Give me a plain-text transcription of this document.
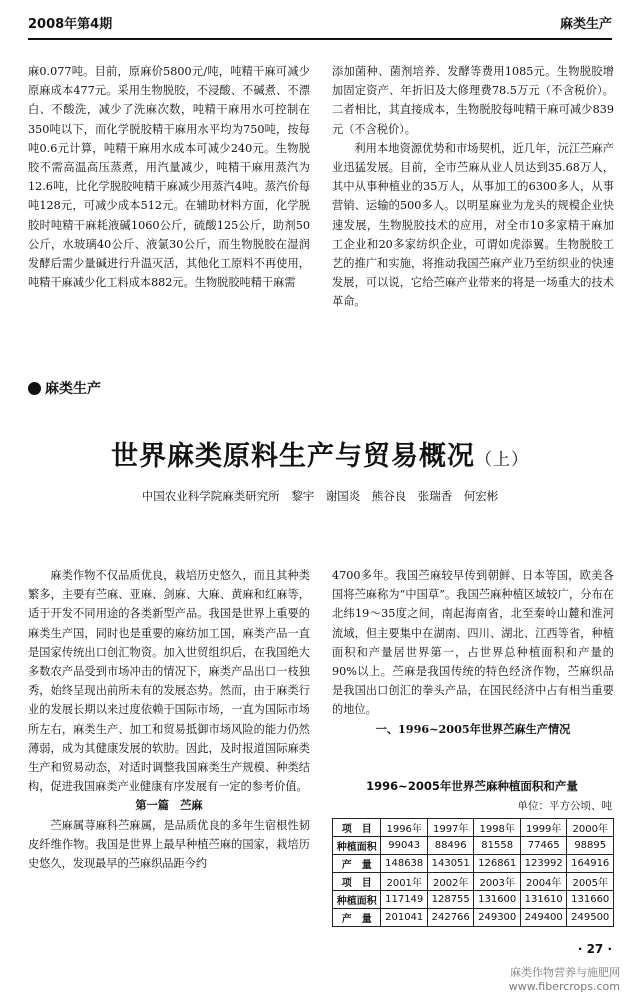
2008年第4期	麻类生产

麻0.077吨。目前，原麻价5800元/吨，吨精干麻可减少原麻成本477元。采用生物脱胶，不浸酸、不碱煮、不漂白、不酸洗，减少了洗麻次数，吨精干麻用水可控制在350吨以下，而化学脱胶精干麻用水平均为750吨，按每吨0.6元计算，吨精干麻用水成本可减少240元。生物脱胶不需高温高压蒸煮，用汽量减少，吨精干麻用蒸汽为12.6吨，比化学脱胶吨精干麻减少用蒸汽4吨。蒸汽价每吨128元，可减少成本512元。在辅助材料方面，化学脱胶时吨精干麻耗液碱1060公斤，硫酸125公斤，助剂50公斤，水玻璃40公斤、液氯30公斤，而生物脱胶在湿润发酵后需少量碱进行升温灭活，其他化工原料不再使用，吨精干麻减少化工料成本882元。生物脱胶吨精干麻需

添加菌种、菌剂培养、发酵等费用1085元。生物脱胶增加固定资产、年折旧及大修理费78.5万元（不含税价）。二者相比，其直接成本，生物脱胶每吨精干麻可减少839元（不含税价）。

利用本地资源优势和市场契机，近几年，沅江苎麻产业迅猛发展。目前，全市苎麻从业人员达到35.68万人，其中从事种植业的35万人，从事加工的6300多人，从事营销、运输的500多人。以明星麻业为龙头的规模企业快速发展，生物脱胶技术的应用，对全市10多家精干麻加工企业和20多家纺织企业，可谓如虎添翼。生物脱胶工艺的推广和实施，将推动我国苎麻产业乃至纺织业的快速发展，可以说，它给苎麻产业带来的将是一场重大的技术革命。

麻类生产
世界麻类原料生产与贸易概况（上）
中国农业科学院麻类研究所　黎宇　谢国炎　熊谷良　张瑞香　何宏彬

麻类作物不仅品质优良，栽培历史悠久，而且其种类繁多，主要有苎麻、亚麻、剑麻、大麻、黄麻和红麻等，适于开发不同用途的各类新型产品。我国是世界上重要的麻类生产国，同时也是重要的麻纺加工国，麻类产品一直是国家传统出口创汇物资。加入世贸组织后，在我国绝大多数农产品受到市场冲击的情况下，麻类产品出口一枝独秀，始终呈现出前所未有的发展态势。然而，由于麻类行业的发展长期以来过度依赖于国际市场，一直为国际市场所左右，麻类生产、加工和贸易抵御市场风险的能力仍然薄弱，成为其健康发展的软肋。因此，及时报道国际麻类生产和贸易动态，对适时调整我国麻类生产规模、种类结构，促进我国麻类产业健康有序发展有一定的参考价值。

第一篇　苎麻

苎麻属荨麻科苎麻属，是品质优良的多年生宿根性韧皮纤维作物。我国是世界上最早种植苎麻的国家，栽培历史悠久，发现最早的苎麻织品距今约

4700多年。我国苎麻较早传到朝鲜、日本等国，欧美各国将苎麻称为“中国草”。我国苎麻种植区域较广，分布在北纬19～35度之间，南起海南省，北至秦岭山麓和淮河流域，但主要集中在湖南、四川、湖北、江西等省，种植面积和产量居世界第一，占世界总种植面积和产量的90%以上。苎麻是我国传统的特色经济作物，苎麻织品是我国出口创汇的拳头产品，在国民经济中占有相当重要的地位。

一、1996~2005年世界苎麻生产情况

1996~2005年世界苎麻种植面积和产量
单位：平方公顷、吨
项　目	1996年	1997年	1998年	1999年	2000年
种植面积	99043	88496	81558	77465	98895
产　量	148638	143051	126861	123992	164916
项　目	2001年	2002年	2003年	2004年	2005年
种植面积	117149	128755	131600	131610	131660
产　量	201041	242766	249300	249400	249500
· 27 ·
麻类作物营养与施肥网
www.fibercrops.com
